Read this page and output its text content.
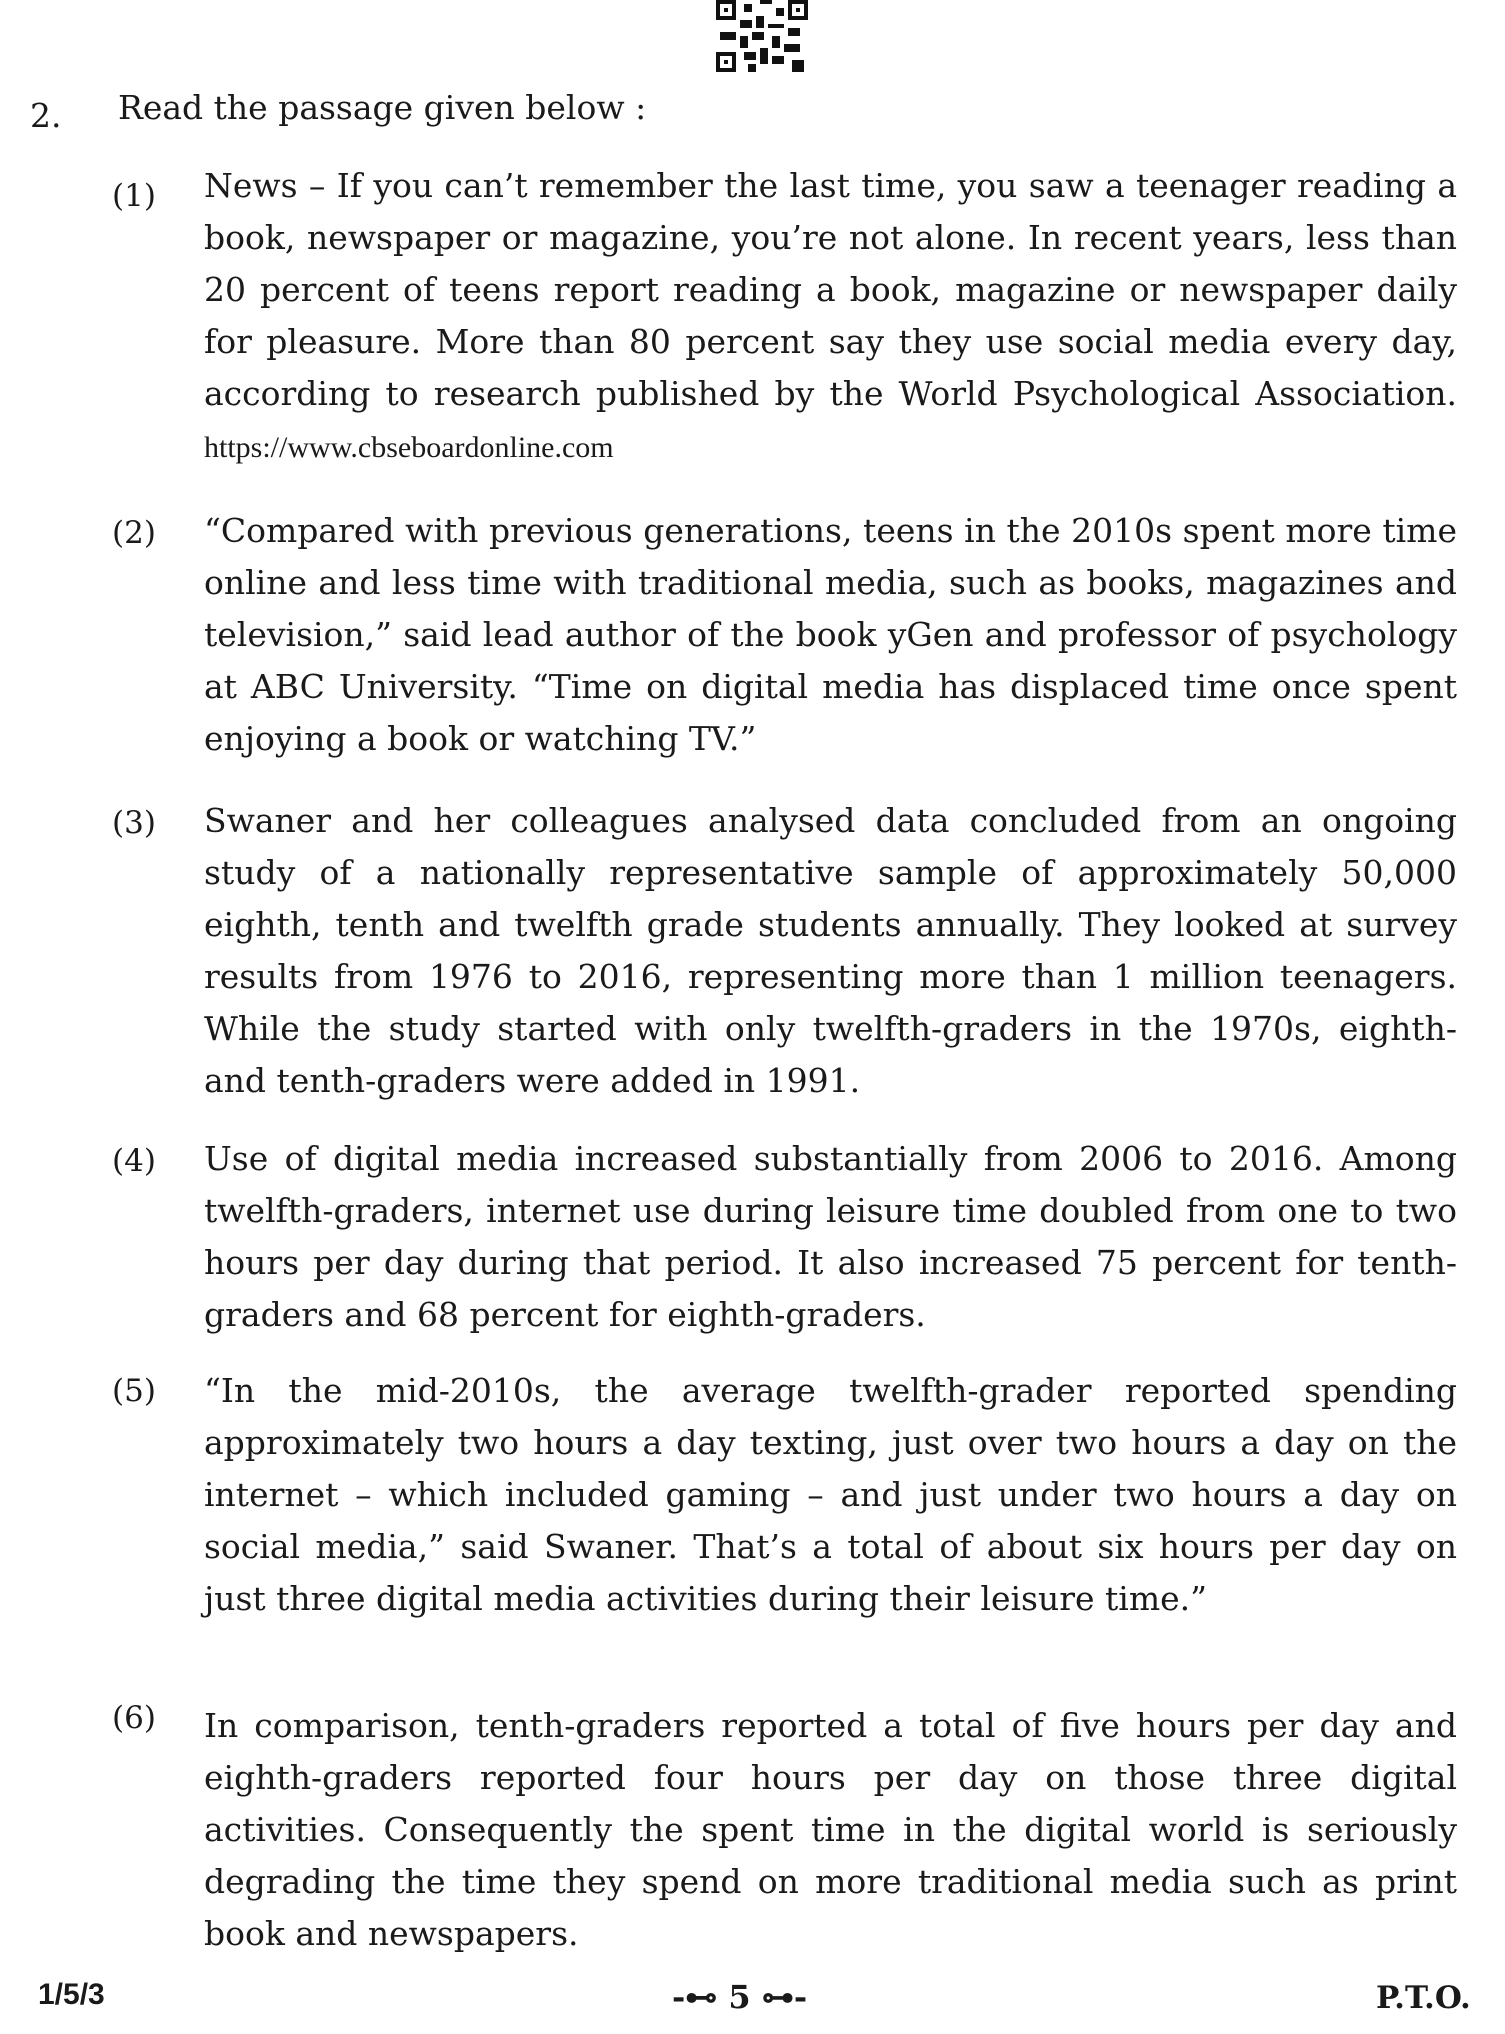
2. Read the passage given below :
(1) News – If you can’t remember the last time, you saw a teenager reading a book, newspaper or magazine, you’re not alone. In recent years, less than 20 percent of teens report reading a book, magazine or newspaper daily for pleasure. More than 80 percent say they use social media every day, according to research published by the World Psychological Association. https://www.cbseboardonline.com
(2) “Compared with previous generations, teens in the 2010s spent more time online and less time with traditional media, such as books, magazines and television,” said lead author of the book yGen and professor of psychology at ABC University. “Time on digital media has displaced time once spent enjoying a book or watching TV.”
(3) Swaner and her colleagues analysed data concluded from an ongoing study of a nationally representative sample of approximately 50,000 eighth, tenth and twelfth grade students annually. They looked at survey results from 1976 to 2016, representing more than 1 million teenagers. While the study started with only twelfth-graders in the 1970s, eighth- and tenth-graders were added in 1991.
(4) Use of digital media increased substantially from 2006 to 2016. Among twelfth-graders, internet use during leisure time doubled from one to two hours per day during that period. It also increased 75 percent for tenth-graders and 68 percent for eighth-graders.
(5) “In the mid-2010s, the average twelfth-grader reported spending approximately two hours a day texting, just over two hours a day on the internet – which included gaming – and just under two hours a day on social media,” said Swaner. That’s a total of about six hours per day on just three digital media activities during their leisure time.”
(6) In comparison, tenth-graders reported a total of five hours per day and eighth-graders reported four hours per day on those three digital activities. Consequently the spent time in the digital world is seriously degrading the time they spend on more traditional media such as print book and newspapers.
1/5/3	-⊷ 5 ⊶-	P.T.O.
